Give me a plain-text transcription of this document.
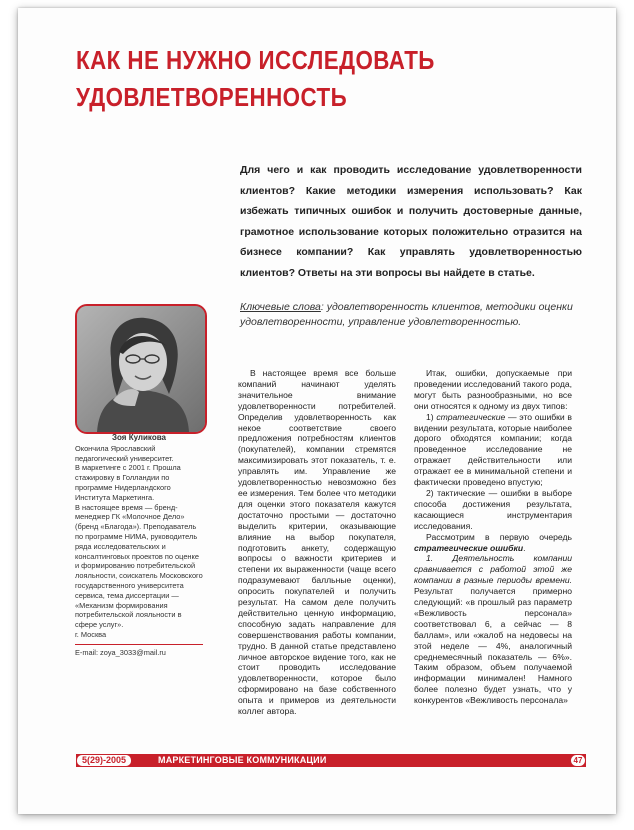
КАК НЕ НУЖНО ИССЛЕДОВАТЬ
УДОВЛЕТВОРЕННОСТЬ

Для чего и как проводить исследование удовлетворенности клиентов? Какие методики измерения использовать? Как избежать типичных ошибок и получить достоверные данные, грамотное использование которых положительно отразится на бизнесе компании? Как управлять удовлетворенностью клиентов? Ответы на эти вопросы вы найдете в статье.

Ключевые слова: удовлетворенность клиентов, методики оценки удовлетворенности, управление удовлетворенностью.

Зоя Куликова

Окончила Ярославский педагогический университет.

В маркетинге с 2001 г. Прошла стажировку в Голландии по программе Нидерландского Института Маркетинга.

В настоящее время — бренд-менеджер ГК «Молочное Дело» (бренд «Благода»). Преподаватель по программе НИМА, руководитель ряда исследовательских и консалтинговых проектов по оценке и формированию потребительской лояльности, соискатель Московского государственного университета сервиса, тема диссертации — «Механизм формирования потребительской лояльности в сфере услуг».

г. Москва

E-mail: zoya_3033@mail.ru

В настоящее время все больше компаний начинают уделять значительное внимание удовлетворенности потребителей. Определив удовлетворенность как некое соответствие своего предложения потребностям клиентов (покупателей), компании стремятся максимизировать этот показатель, т. е. управлять им. Управление же удовлетворенностью невозможно без ее измерения. Тем более что методики для оценки этого показателя кажутся достаточно простыми — достаточно выделить критерии, оказывающие влияние на выбор покупателя, подготовить анкету, содержащую вопросы о важности критериев и степени их выраженности (чаще всего подразумевают балльные оценки), опросить покупателей и получить результат. На самом деле получить действительно ценную информацию, способную задать направление для совершенствования работы компании, трудно. В данной статье представлено личное авторское видение того, как не стоит проводить исследование удовлетворенности, которое было сформировано на базе собственного опыта и примеров из деятельности коллег автора.

Итак, ошибки, допускаемые при проведении исследований такого рода, могут быть разнообразными, но все они относятся к одному из двух типов:

1) стратегические — это ошибки в видении результата, которые наиболее дорого обходятся компании; когда проведенное исследование не отражает действительности или отражает ее в минимальной степени и фактически проведено впустую;

2) тактические — ошибки в выборе способа достижения результата, касающиеся инструментария исследования.

Рассмотрим в первую очередь стратегические ошибки.

1. Деятельность компании сравнивается с работой этой же компании в разные периоды времени. Результат получается примерно следующий: «в прошлый раз параметр «Вежливость персонала» соответствовал 6, а сейчас — 8 баллам», или «жалоб на недовесы на этой неделе — 4%, аналогичный среднемесячный показатель — 6%». Таким образом, объем получаемой информации минимален! Намного более полезно будет узнать, что у конкурентов «Вежливость персонала»

5(29)-2005	МАРКЕТИНГОВЫЕ КОММУНИКАЦИИ	47
